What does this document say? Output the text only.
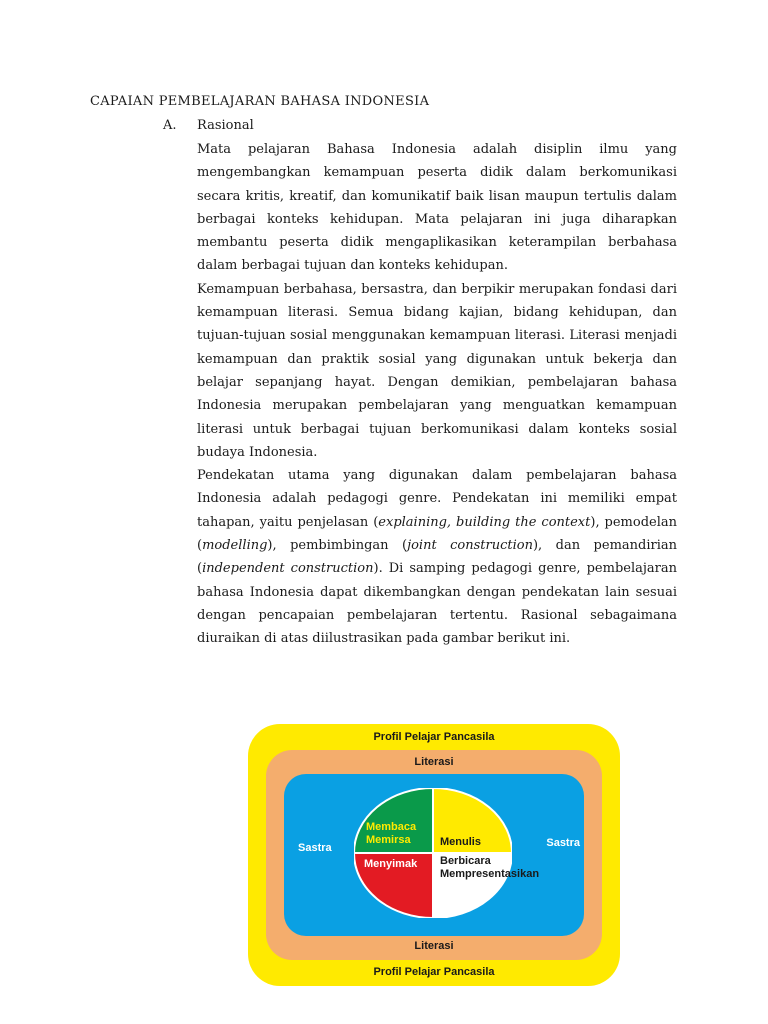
CAPAIAN PEMBELAJARAN BAHASA INDONESIA
A. Rasional

Mata pelajaran Bahasa Indonesia adalah disiplin ilmu yang mengembangkan kemampuan peserta didik dalam berkomunikasi secara kritis, kreatif, dan komunikatif baik lisan maupun tertulis dalam berbagai konteks kehidupan. Mata pelajaran ini juga diharapkan membantu peserta didik mengaplikasikan keterampilan berbahasa dalam berbagai tujuan dan konteks kehidupan.

Kemampuan berbahasa, bersastra, dan berpikir merupakan fondasi dari kemampuan literasi. Semua bidang kajian, bidang kehidupan, dan tujuan-tujuan sosial menggunakan kemampuan literasi. Literasi menjadi kemampuan dan praktik sosial yang digunakan untuk bekerja dan belajar sepanjang hayat. Dengan demikian, pembelajaran bahasa Indonesia merupakan pembelajaran yang menguatkan kemampuan literasi untuk berbagai tujuan berkomunikasi dalam konteks sosial budaya Indonesia.

Pendekatan utama yang digunakan dalam pembelajaran bahasa Indonesia adalah pedagogi genre. Pendekatan ini memiliki empat tahapan, yaitu penjelasan (explaining, building the context), pemodelan (modelling), pembimbingan (joint construction), dan pemandirian (independent construction). Di samping pedagogi genre, pembelajaran bahasa Indonesia dapat dikembangkan dengan pendekatan lain sesuai dengan pencapaian pembelajaran tertentu. Rasional sebagaimana diuraikan di atas diilustrasikan pada gambar berikut ini.

Profil Pelajar Pancasila
Profil Pelajar Pancasila
Literasi
Literasi
Sastra	Sastra
Membaca
Memirsa	Menulis
Menyimak Berbicara
Mempresentasikan
